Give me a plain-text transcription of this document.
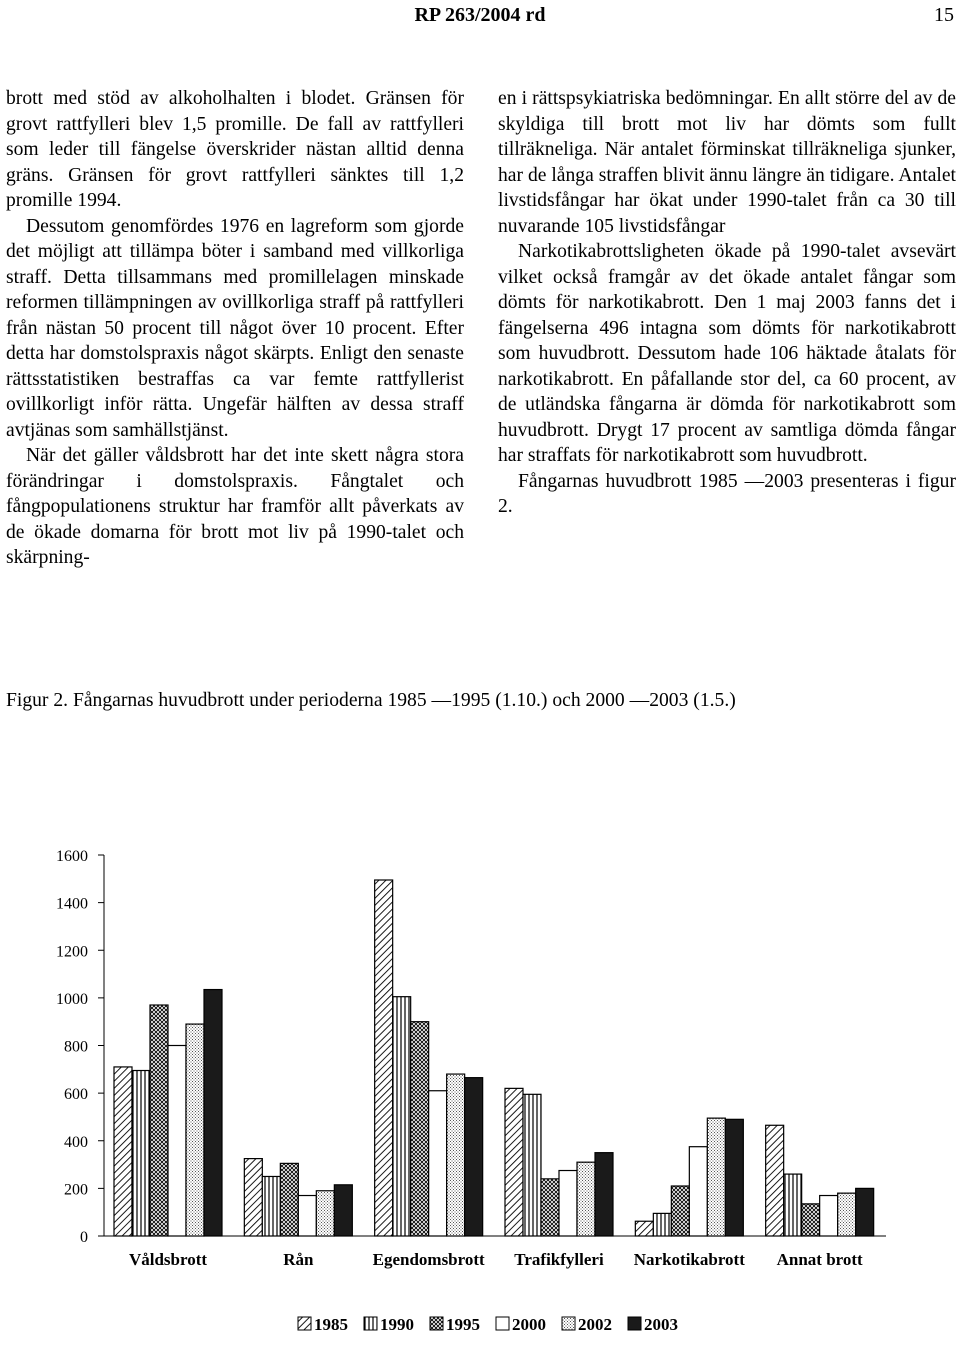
RP 263/2004 rd	15

brott med stöd av alkoholhalten i blodet. Gränsen för grovt rattfylleri blev 1,5 promille. De fall av rattfylleri som leder till fängelse överskrider nästan alltid denna gräns. Gränsen för grovt rattfylleri sänktes till 1,2 promille 1994.

Dessutom genomfördes 1976 en lagreform som gjorde det möjligt att tillämpa böter i samband med villkorliga straff. Detta tillsammans med promillelagen minskade reformen tillämpningen av ovillkorliga straff på rattfylleri från nästan 50 procent till något över 10 procent. Efter detta har domstolspraxis något skärpts. Enligt den senaste rättsstatistiken bestraffas ca var femte rattfyllerist ovillkorligt inför rätta. Ungefär hälften av dessa straff avtjänas som samhällstjänst.

När det gäller våldsbrott har det inte skett några stora förändringar i domstolspraxis. Fångtalet och fångpopulationens struktur har framför allt påverkats av de ökade domarna för brott mot liv på 1990-talet och skärpning-

en i rättspsykiatriska bedömningar. En allt större del av de skyldiga till brott mot liv har dömts som fullt tillräkneliga. När antalet förminskat tillräkneliga sjunker, har de långa straffen blivit ännu längre än tidigare. Antalet livstidsfångar har ökat under 1990-talet från ca 30 till nuvarande 105 livstidsfångar

Narkotikabrottsligheten ökade på 1990-talet avsevärt vilket också framgår av det ökade antalet fångar som dömts för narkotikabrott. Den 1 maj 2003 fanns det i fängelserna 496 intagna som dömts för narkotikabrott som huvudbrott. Dessutom hade 106 häktade åtalats för narkotikabrott. En påfallande stor del, ca 60 procent, av de utländska fångarna är dömda för narkotikabrott som huvudbrott. Drygt 17 procent av samtliga dömda fångar har straffats för narkotikabrott som huvudbrott.

Fångarnas huvudbrott 1985 —2003 presenteras i figur 2.

Figur 2. Fångarnas huvudbrott under perioderna 1985 —1995 (1.10.) och 2000 —2003 (1.5.)
0
200
400
600
800
1000
1200
1400
1600
Våldsbrott	Rån	Egendomsbrott Trafikfylleri Narkotikabrott Annat brott
1985 1990 1995 2000 2002 2003
